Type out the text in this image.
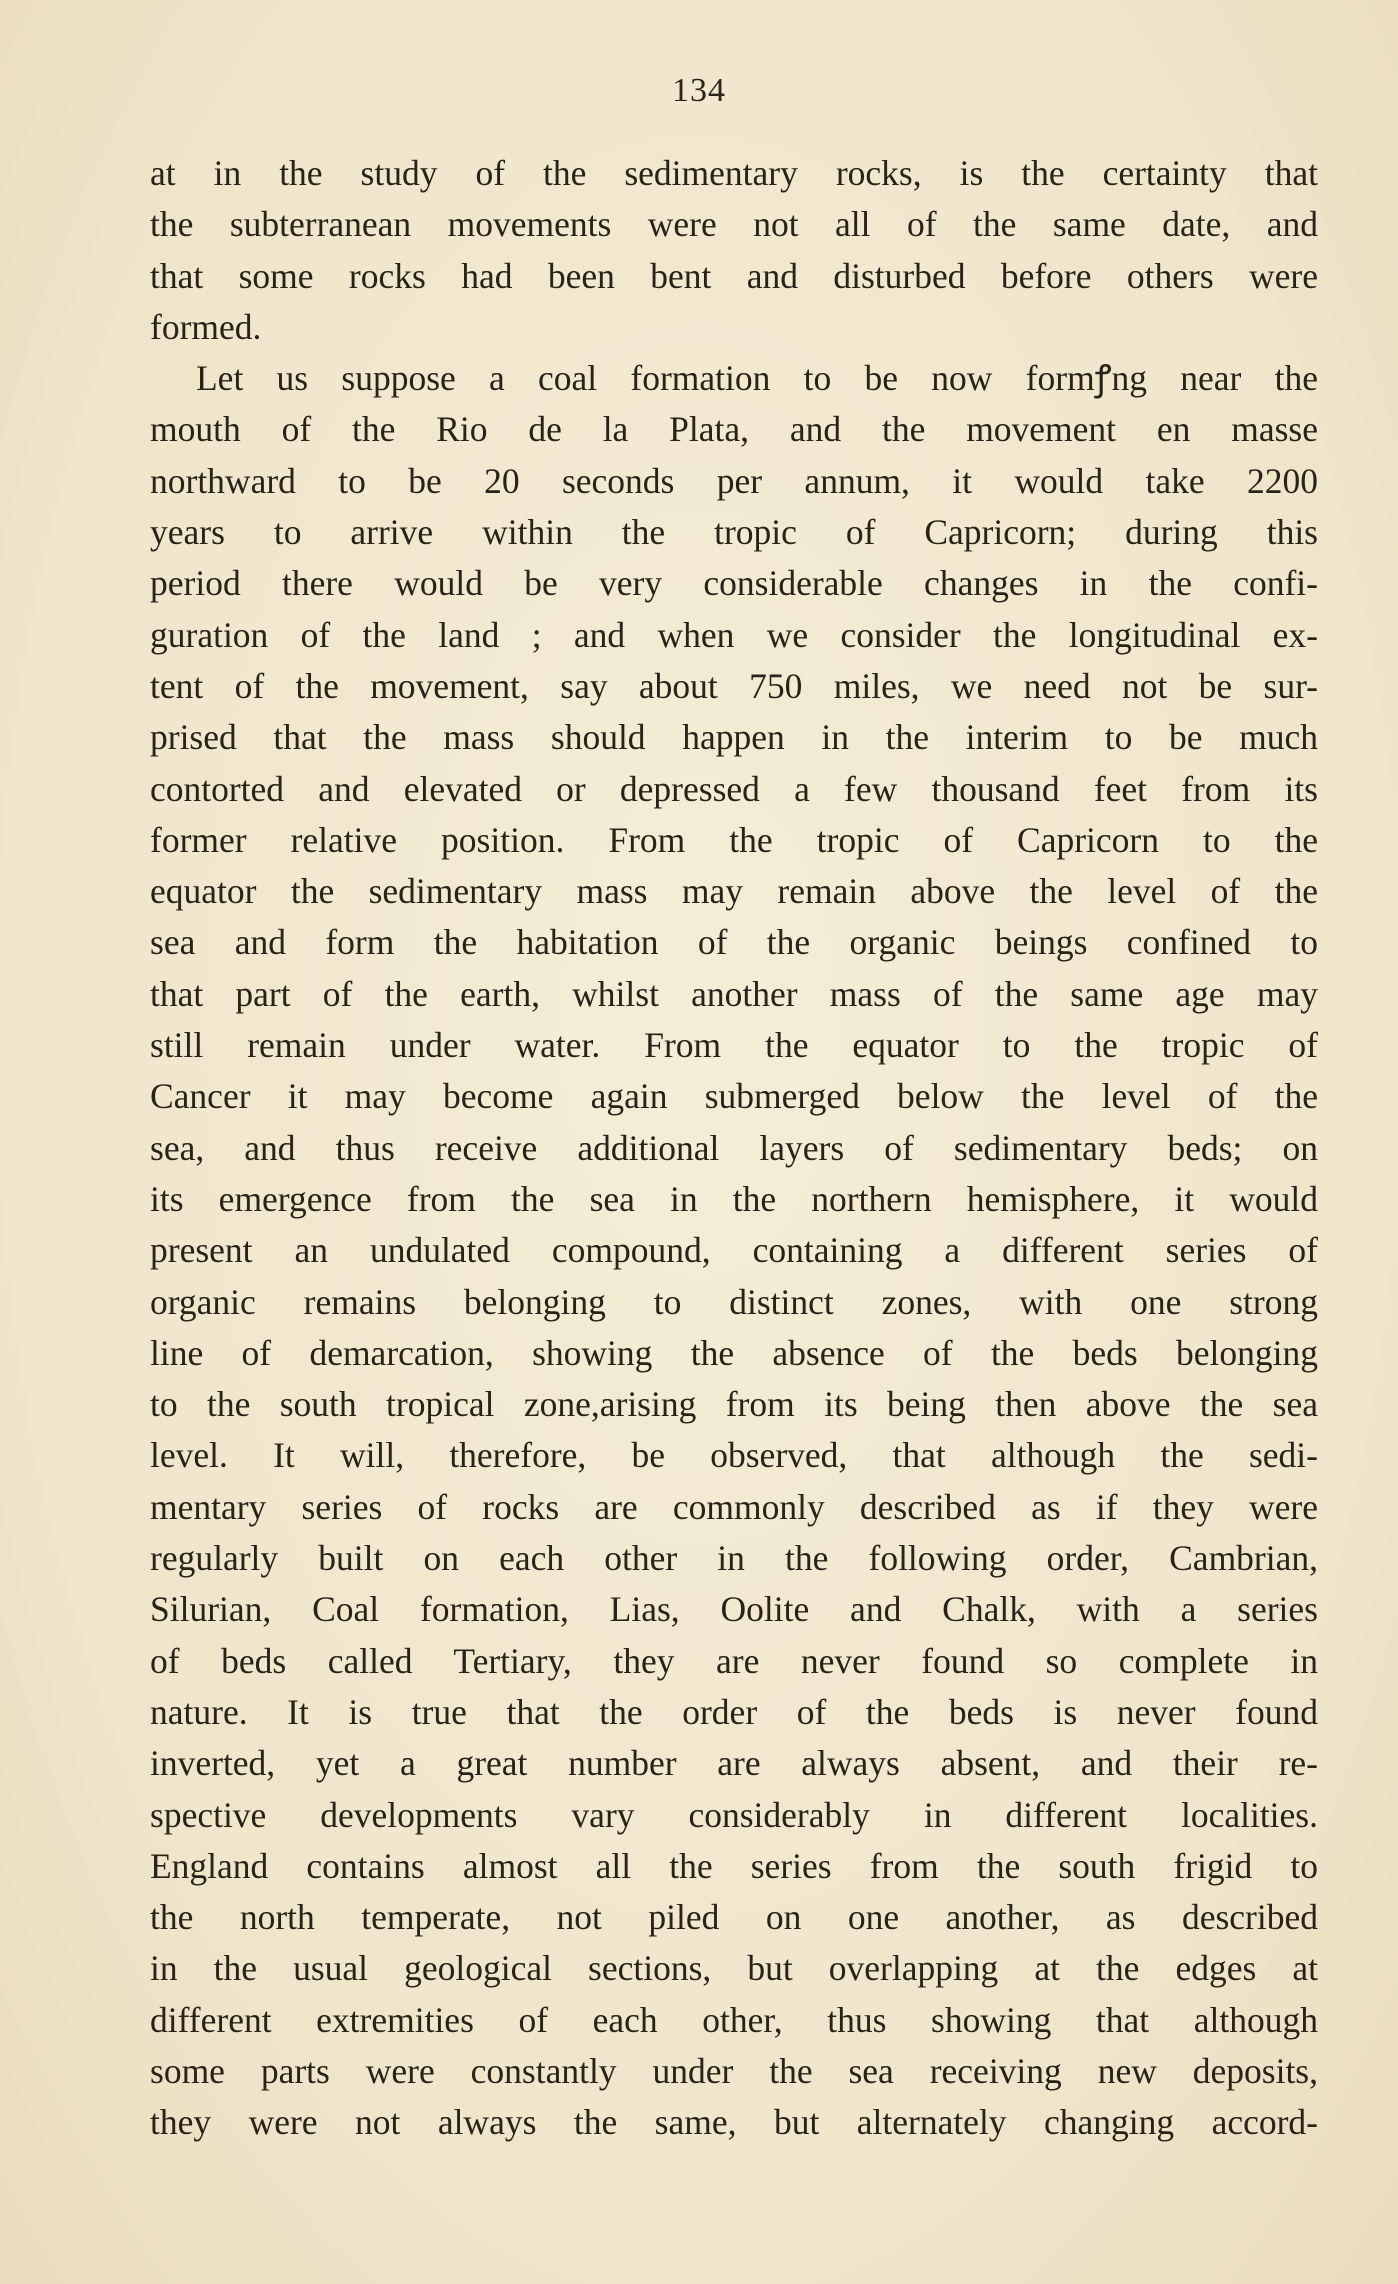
134
at in the study of the sedimentary rocks, is the certainty that
the subterranean movements were not all of the same date, and
that some rocks had been bent and disturbed before others were
formed.
Let us suppose a coal formation to be now formꝭng near the
mouth of the Rio de la Plata, and the movement en masse
northward to be 20 seconds per annum, it would take 2200
years to arrive within the tropic of Capricorn; during this
period there would be very considerable changes in the confi-
guration of the land ; and when we consider the longitudinal ex-
tent of the movement, say about 750 miles, we need not be sur-
prised that the mass should happen in the interim to be much
contorted and elevated or depressed a few thousand feet from its
former relative position. From the tropic of Capricorn to the
equator the sedimentary mass may remain above the level of the
sea and form the habitation of the organic beings confined to
that part of the earth, whilst another mass of the same age may
still remain under water. From the equator to the tropic of
Cancer it may become again submerged below the level of the
sea, and thus receive additional layers of sedimentary beds; on
its emergence from the sea in the northern hemisphere, it would
present an undulated compound, containing a different series of
organic remains belonging to distinct zones, with one strong
line of demarcation, showing the absence of the beds belonging
to the south tropical zone,arising from its being then above the sea
level. It will, therefore, be observed, that although the sedi-
mentary series of rocks are commonly described as if they were
regularly built on each other in the following order, Cambrian,
Silurian, Coal formation, Lias, Oolite and Chalk, with a series
of beds called Tertiary, they are never found so complete in
nature. It is true that the order of the beds is never found
inverted, yet a great number are always absent, and their re-
spective developments vary considerably in different localities.
England contains almost all the series from the south frigid to
the north temperate, not piled on one another, as described
in the usual geological sections, but overlapping at the edges at
different extremities of each other, thus showing that although
some parts were constantly under the sea receiving new deposits,
they were not always the same, but alternately changing accord-
